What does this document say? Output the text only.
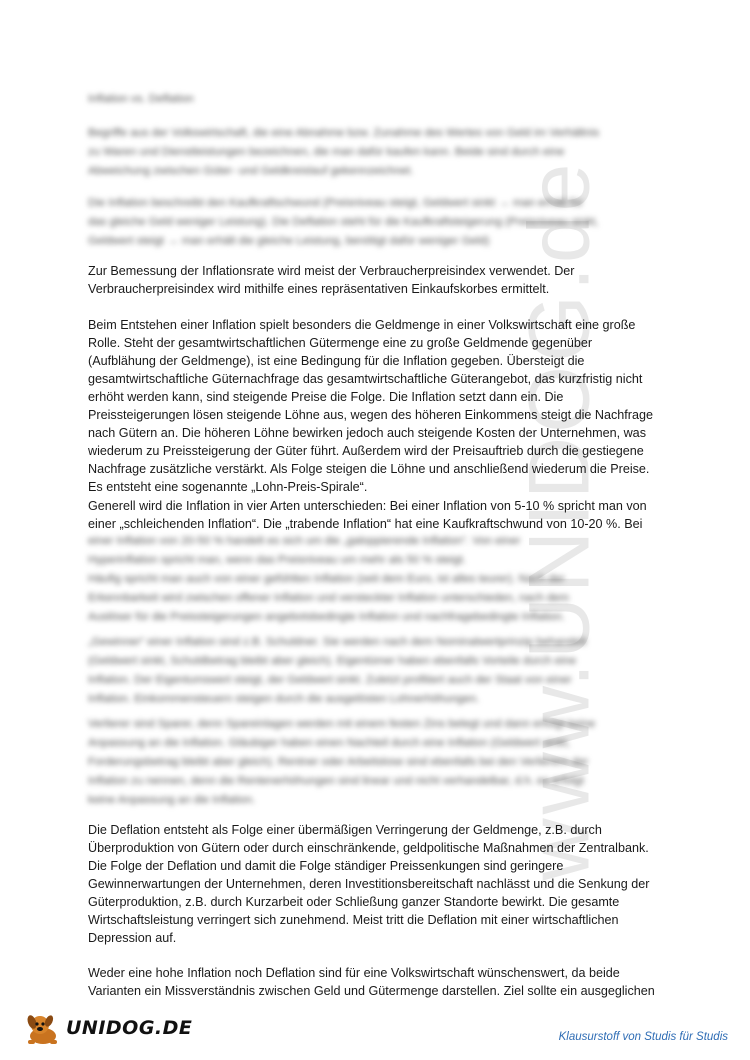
www.UNIDOG.de

Inflation vs. Deflation

Begriffe aus der Volkswirtschaft, die eine Abnahme bzw. Zunahme des Wertes von Geld im Verhältnis
zu Waren und Dienstleistungen bezeichnen, die man dafür kaufen kann. Beide sind durch eine
Abweichung zwischen Güter- und Geldkreislauf gekennzeichnet.

Die Inflation beschreibt den Kaufkraftschwund (Preisniveau steigt, Geldwert sinkt → man erhält für
das gleiche Geld weniger Leistung). Die Deflation steht für die Kaufkraftsteigerung (Preisniveau sinkt,
Geldwert steigt → man erhält die gleiche Leistung, benötigt dafür weniger Geld)

Zur Bemessung der Inflationsrate wird meist der Verbraucherpreisindex verwendet. Der
Verbraucherpreisindex wird mithilfe eines repräsentativen Einkaufskorbes ermittelt.

Beim Entstehen einer Inflation spielt besonders die Geldmenge in einer Volkswirtschaft eine große
Rolle. Steht der gesamtwirtschaftlichen Gütermenge eine zu große Geldmende gegenüber
(Aufblähung der Geldmenge), ist eine Bedingung für die Inflation gegeben. Übersteigt die
gesamtwirtschaftliche Güternachfrage das gesamtwirtschaftliche Güterangebot, das kurzfristig nicht
erhöht werden kann, sind steigende Preise die Folge. Die Inflation setzt dann ein. Die
Preissteigerungen lösen steigende Löhne aus, wegen des höheren Einkommens steigt die Nachfrage
nach Gütern an. Die höheren Löhne bewirken jedoch auch steigende Kosten der Unternehmen, was
wiederum zu Preissteigerung der Güter führt. Außerdem wird der Preisauftrieb durch die gestiegene
Nachfrage zusätzliche verstärkt. Als Folge steigen die Löhne und anschließend wiederum die Preise.
Es entsteht eine sogenannte „Lohn-Preis-Spirale“.

Generell wird die Inflation in vier Arten unterschieden: Bei einer Inflation von 5-10 % spricht man von
einer „schleichenden Inflation“. Die „trabende Inflation“ hat eine Kaufkraftschwund von 10-20 %. Bei

einer Inflation von 20-50 % handelt es sich um die „galoppierende Inflation“. Von einer
Hyperinflation spricht man, wenn das Preisniveau um mehr als 50 % steigt.
Häufig spricht man auch von einer gefühlten Inflation (seit dem Euro, ist alles teurer). Nach der
Erkennbarkeit wird zwischen offener Inflation und versteckter Inflation unterschieden, nach dem
Auslöser für die Preissteigerungen angebotsbedingte Inflation und nachfragebedingte Inflation.

„Gewinner“ einer Inflation sind z.B. Schuldner. Sie werden nach dem Nominalwertprinzip behandelt
(Geldwert sinkt, Schuldbetrag bleibt aber gleich). Eigentümer haben ebenfalls Vorteile durch eine
Inflation. Der Eigentumswert steigt, der Geldwert sinkt. Zuletzt profitiert auch der Staat von einer
Inflation. Einkommensteuern steigen durch die ausgelösten Lohnerhöhungen.

Verlierer sind Sparer, denn Spareinlagen werden mit einem festen Zins belegt und dann erfolgt keine
Anpassung an die Inflation. Gläubiger haben einen Nachteil durch eine Inflation (Geldwert sinkt,
Forderungsbetrag bleibt aber gleich). Rentner oder Arbeitslose sind ebenfalls bei den Verlierern der
Inflation zu nennen, denn die Rentenerhöhungen sind linear und nicht verhandelbar, d.h. es erfolgt
keine Anpassung an die Inflation.

Die Deflation entsteht als Folge einer übermäßigen Verringerung der Geldmenge, z.B. durch
Überproduktion von Gütern oder durch einschränkende, geldpolitische Maßnahmen der Zentralbank.
Die Folge der Deflation und damit die Folge ständiger Preissenkungen sind geringere
Gewinnerwartungen der Unternehmen, deren Investitionsbereitschaft nachlässt und die Senkung der
Güterproduktion, z.B. durch Kurzarbeit oder Schließung ganzer Standorte bewirkt. Die gesamte
Wirtschaftsleistung verringert sich zunehmend. Meist tritt die Deflation mit einer wirtschaftlichen
Depression auf.

Weder eine hohe Inflation noch Deflation sind für eine Volkswirtschaft wünschenswert, da beide
Varianten ein Missverständnis zwischen Geld und Gütermenge darstellen. Ziel sollte ein ausgeglichen

UNIDOG.DE	Klausurstoff von Studis für Studis
